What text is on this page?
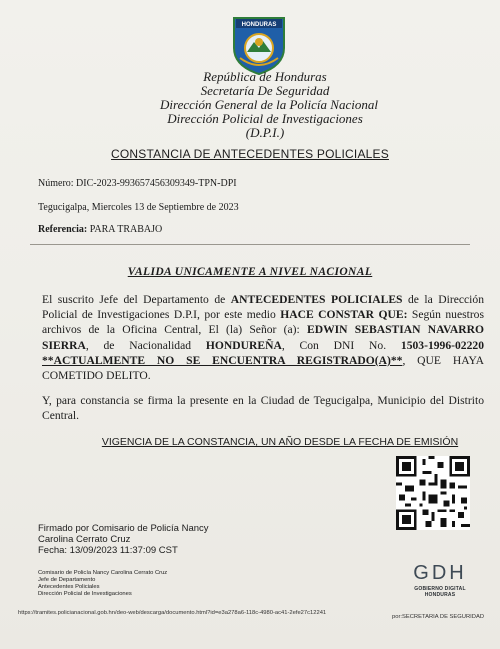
HONDURAS
República de Honduras
Secretaría De Seguridad
Dirección General de la Policía Nacional
Dirección Policial de Investigaciones
(D.P.I.)
CONSTANCIA DE ANTECEDENTES POLICIALES
Número: DIC-2023-993657456309349-TPN-DPI
Tegucigalpa, Miercoles 13 de Septiembre de 2023
Referencia: PARA TRABAJO
VALIDA UNICAMENTE A NIVEL NACIONAL
El suscrito Jefe del Departamento de ANTECEDENTES POLICIALES de la Dirección Policial de Investigaciones D.P.I, por este medio HACE CONSTAR QUE: Según nuestros archivos de la Oficina Central, El (la) Señor (a): EDWIN SEBASTIAN NAVARRO SIERRA, de Nacionalidad HONDUREÑA, Con DNI No. 1503-1996-02220 **ACTUALMENTE NO SE ENCUENTRA REGISTRADO(A)**, QUE HAYA COMETIDO DELITO.
Y, para constancia se firma la presente en la Ciudad de Tegucigalpa, Municipio del Distrito Central.
VIGENCIA DE LA CONSTANCIA, UN AÑO DESDE LA FECHA DE EMISIÓN
Firmado por Comisario de Policía Nancy
Carolina Cerrato Cruz
Fecha: 13/09/2023 11:37:09 CST
Comisario de Policía Nancy Carolina Cerrato Cruz
Jefe de Departamento
Antecedentes Policiales
Dirección Policial de Investigaciones
GDH
GOBIERNO DIGITAL HONDURAS
https://tramites.policianacional.gob.hn/deo-web/descarga/documento.html?id=e3a278a6-118c-4980-ac41-2efe27c12241
por:SECRETARIA DE SEGURIDAD
